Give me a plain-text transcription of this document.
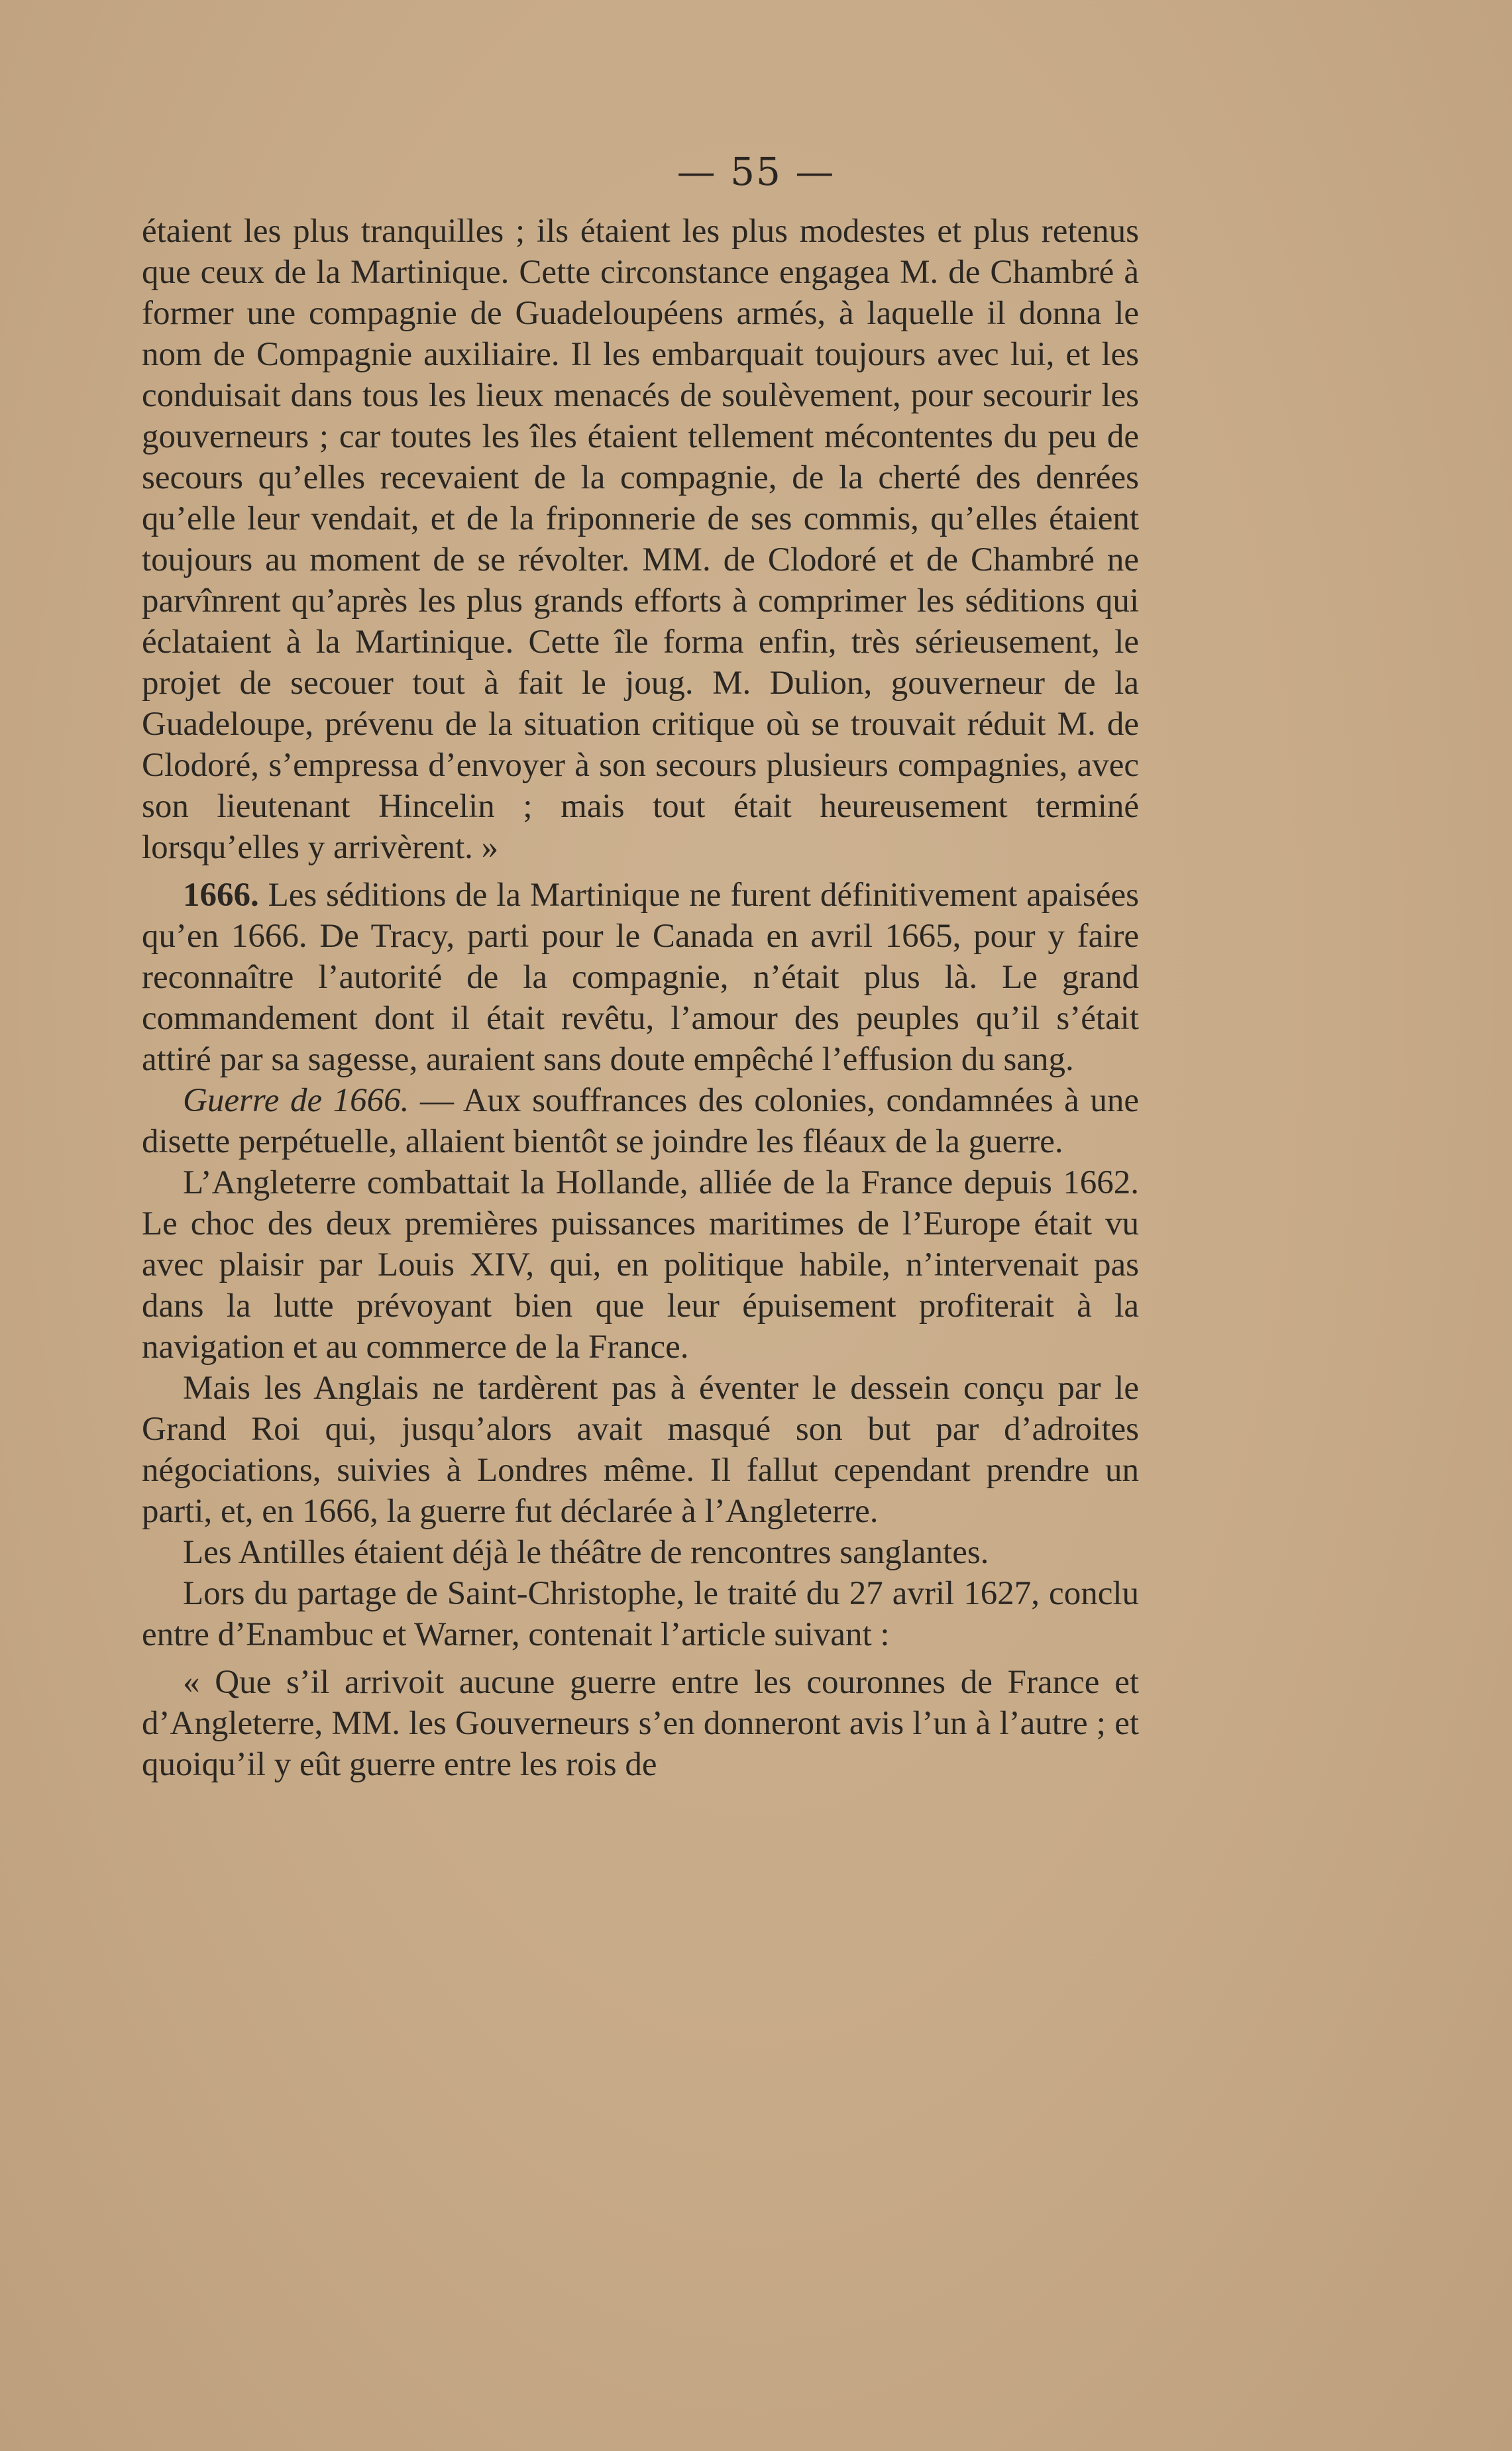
— 55 —

étaient les plus tranquilles ; ils étaient les plus modestes et plus retenus que ceux de la Martinique. Cette circonstance engagea M. de Chambré à former une compagnie de Guadeloupéens armés, à laquelle il donna le nom de Compagnie auxiliaire. Il les embarquait toujours avec lui, et les conduisait dans tous les lieux menacés de soulèvement, pour secourir les gouverneurs ; car toutes les îles étaient tellement mécontentes du peu de secours qu’elles recevaient de la compagnie, de la cherté des denrées qu’elle leur vendait, et de la friponnerie de ses commis, qu’elles étaient toujours au moment de se révolter. MM. de Clodoré et de Chambré ne parvînrent qu’après les plus grands efforts à comprimer les séditions qui éclataient à la Martinique. Cette île forma enfin, très sérieusement, le projet de secouer tout à fait le joug. M. Dulion, gouverneur de la Guadeloupe, prévenu de la situation critique où se trouvait réduit M. de Clodoré, s’empressa d’envoyer à son secours plusieurs compagnies, avec son lieutenant Hincelin ; mais tout était heureusement terminé lorsqu’elles y arrivèrent. »

1666. Les séditions de la Martinique ne furent définitivement apaisées qu’en 1666. De Tracy, parti pour le Canada en avril 1665, pour y faire reconnaître l’autorité de la compagnie, n’était plus là. Le grand commandement dont il était revêtu, l’amour des peuples qu’il s’était attiré par sa sagesse, auraient sans doute empêché l’effusion du sang.

Guerre de 1666. — Aux souffrances des colonies, condamnées à une disette perpétuelle, allaient bientôt se joindre les fléaux de la guerre.

L’Angleterre combattait la Hollande, alliée de la France depuis 1662. Le choc des deux premières puissances maritimes de l’Europe était vu avec plaisir par Louis XIV, qui, en politique habile, n’intervenait pas dans la lutte prévoyant bien que leur épuisement profiterait à la navigation et au commerce de la France.

Mais les Anglais ne tardèrent pas à éventer le dessein conçu par le Grand Roi qui, jusqu’alors avait masqué son but par d’adroites négociations, suivies à Londres même. Il fallut cependant prendre un parti, et, en 1666, la guerre fut déclarée à l’Angleterre.

Les Antilles étaient déjà le théâtre de rencontres sanglantes.

Lors du partage de Saint-Christophe, le traité du 27 avril 1627, conclu entre d’Enambuc et Warner, contenait l’article suivant :

« Que s’il arrivoit aucune guerre entre les couronnes de France et d’Angleterre, MM. les Gouverneurs s’en donneront avis l’un à l’autre ; et quoiqu’il y eût guerre entre les rois de
